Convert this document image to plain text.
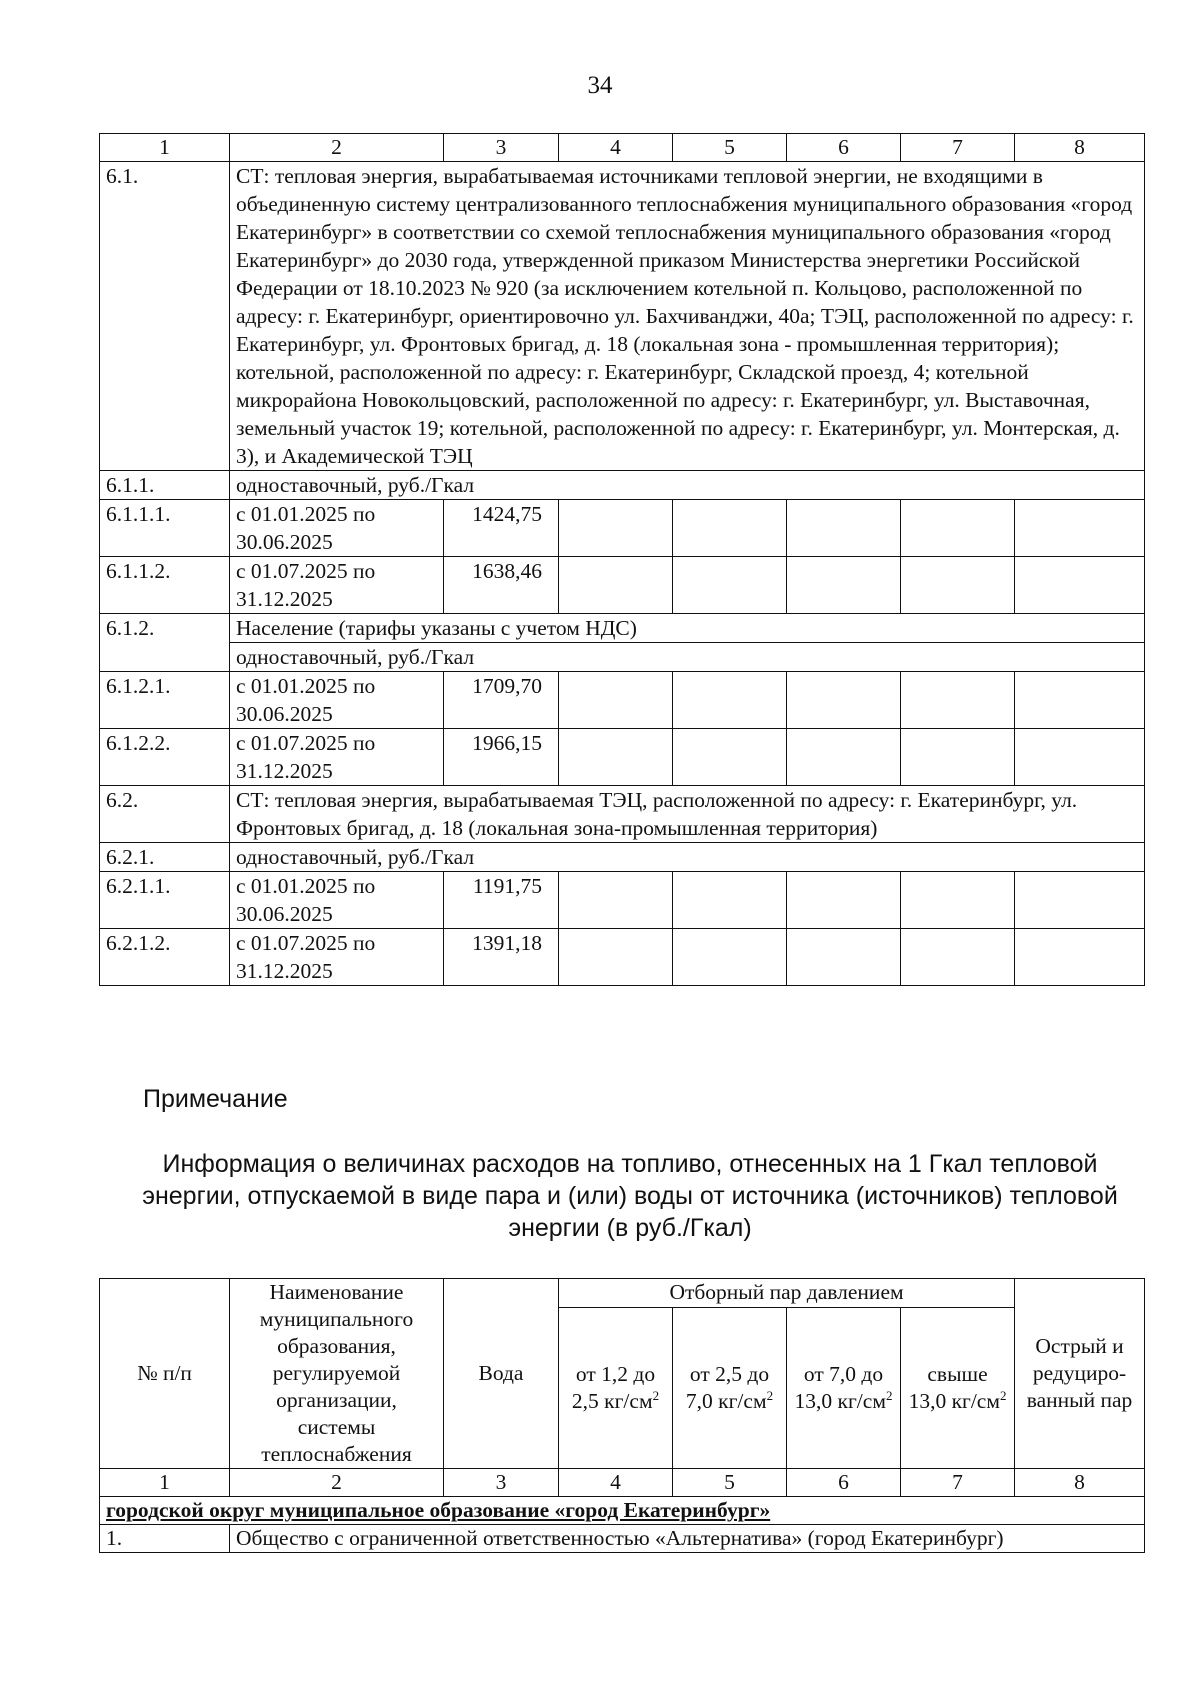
34
1	2	3	4	5	6	7	8
6.1.	СТ: тепловая энергия, вырабатываемая источниками тепловой энергии, не входящими в объединенную систему централизованного теплоснабжения муниципального образования «город Екатеринбург» в соответствии со схемой теплоснабжения муниципального образования «город Екатеринбург» до 2030 года, утвержденной приказом Министерства энергетики Российской Федерации от 18.10.2023 № 920 (за исключением котельной п. Кольцово, расположенной по адресу: г. Екатеринбург, ориентировочно ул. Бахчиванджи, 40а; ТЭЦ, расположенной по адресу: г. Екатеринбург, ул. Фронтовых бригад, д. 18 (локальная зона - промышленная территория); котельной, расположенной по адресу: г. Екатеринбург, Складской проезд, 4; котельной микрорайона Новокольцовский, расположенной по адресу: г. Екатеринбург, ул. Выставочная, земельный участок 19; котельной, расположенной по адресу: г. Екатеринбург, ул. Монтерская, д. 3), и Академической ТЭЦ						
6.1.1.	одноставочный, руб./Гкал						
6.1.1.1.	с 01.01.2025 по 30.06.2025	1424,75					
6.1.1.2.	с 01.07.2025 по 31.12.2025	1638,46					
6.1.2.	Население (тарифы указаны с учетом НДС)						
	одноставочный, руб./Гкал						
6.1.2.1.	с 01.01.2025 по 30.06.2025	1709,70					
6.1.2.2.	с 01.07.2025 по 31.12.2025	1966,15					
6.2.	СТ: тепловая энергия, вырабатываемая ТЭЦ, расположенной по адресу: г. Екатеринбург, ул. Фронтовых бригад, д. 18 (локальная зона-промышленная территория)						
6.2.1.	одноставочный, руб./Гкал						
6.2.1.1.	с 01.01.2025 по 30.06.2025	1191,75					
6.2.1.2.	с 01.07.2025 по 31.12.2025	1391,18					
Примечание
Информация о величинах расходов на топливо, отнесенных на 1 Гкал тепловой энергии, отпускаемой в виде пара и (или) воды от источника (источников) тепловой энергии (в руб./Гкал)
№ п/п	Наименование муниципального образования, регулируемой организации, системы теплоснабжения	Вода	Отборный пар давлением				Острый и редуциро-ванный пар
			от 1,2 до 2,5 $кг/см^2$	от 2,5 до 7,0 $кг/см^2$	от 7,0 до 13,0 $кг/см^2$	свыше 13,0 $кг/см^2$
1	2	3	4	5	6	7	8
городской округ муниципальное образование «город Екатеринбург»							
1.	Общество с ограниченной ответственностью «Альтернатива» (город Екатеринбург)						
